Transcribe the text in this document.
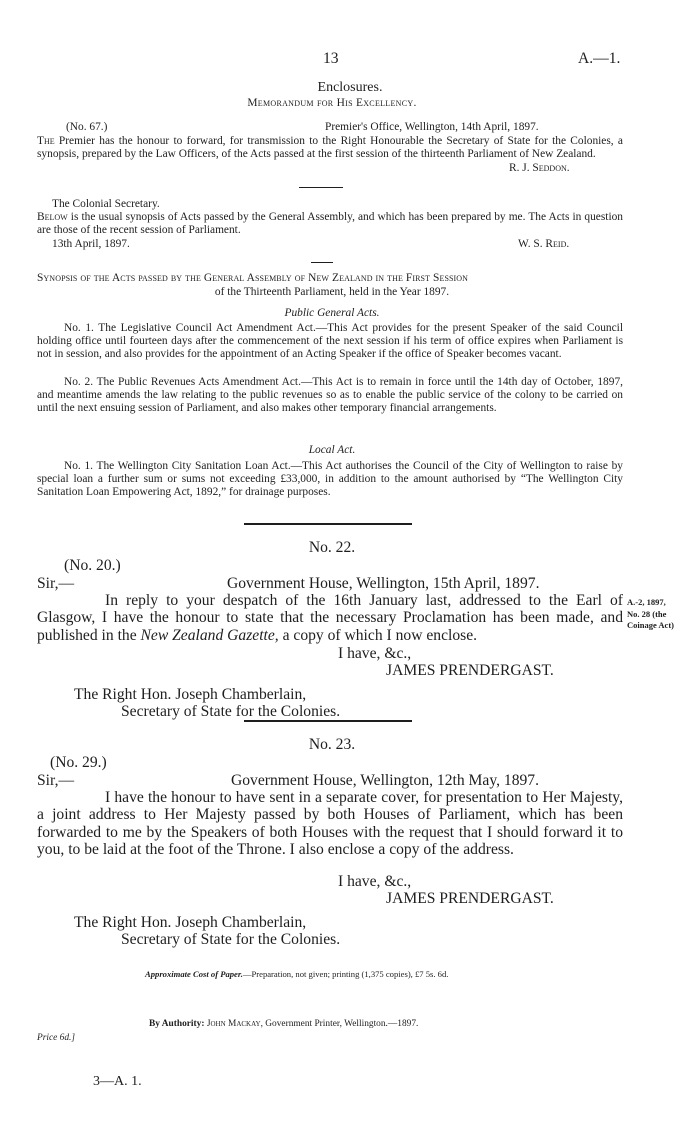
13	A.—1.
Enclosures.
Memorandum for His Excellency.
(No. 67.)	Premier's Office, Wellington, 14th April, 1897.
The Premier has the honour to forward, for transmission to the Right Honourable the Secretary of State for the Colonies, a synopsis, prepared by the Law Officers, of the Acts passed at the first session of the thirteenth Parliament of New Zealand.
R. J. Seddon.
The Colonial Secretary.
Below is the usual synopsis of Acts passed by the General Assembly, and which has been prepared by me. The Acts in question are those of the recent session of Parliament.
13th April, 1897.	W. S. Reid.
Synopsis of the Acts passed by the General Assembly of New Zealand in the First Session
of the Thirteenth Parliament, held in the Year 1897.
Public General Acts.
No. 1. The Legislative Council Act Amendment Act.—This Act provides for the present Speaker of the said Council holding office until fourteen days after the commencement of the next session if his term of office expires when Parliament is not in session, and also provides for the appointment of an Acting Speaker if the office of Speaker becomes vacant.
No. 2. The Public Revenues Acts Amendment Act.—This Act is to remain in force until the 14th day of October, 1897, and meantime amends the law relating to the public revenues so as to enable the public service of the colony to be carried on until the next ensuing session of Parliament, and also makes other temporary financial arrangements.
Local Act.
No. 1. The Wellington City Sanitation Loan Act.—This Act authorises the Council of the City of Wellington to raise by special loan a further sum or sums not exceeding £33,000, in addition to the amount authorised by “The Wellington City Sanitation Loan Empowering Act, 1892,” for drainage purposes.
No. 22.
(No. 20.)
Sir,—	Government House, Wellington, 15th April, 1897.
In reply to your despatch of the 16th January last, addressed to the Earl of Glasgow, I have the honour to state that the necessary Proclamation has been made, and published in the New Zealand Gazette, a copy of which I now enclose.
I have, &c.,
JAMES PRENDERGAST.
The Right Hon. Joseph Chamberlain,
Secretary of State for the Colonies.
A.-2, 1897,
No. 28 (the
Coinage Act)
No. 23.
(No. 29.)
Sir,—	Government House, Wellington, 12th May, 1897.
I have the honour to have sent in a separate cover, for presentation to Her Majesty, a joint address to Her Majesty passed by both Houses of Parliament, which has been forwarded to me by the Speakers of both Houses with the request that I should forward it to you, to be laid at the foot of the Throne. I also enclose a copy of the address.
I have, &c.,
JAMES PRENDERGAST.
The Right Hon. Joseph Chamberlain,
Secretary of State for the Colonies.
Approximate Cost of Paper.—Preparation, not given; printing (1,375 copies), £7 5s. 6d.
By Authority: John Mackay, Government Printer, Wellington.—1897.
Price 6d.]
3—A. 1.
